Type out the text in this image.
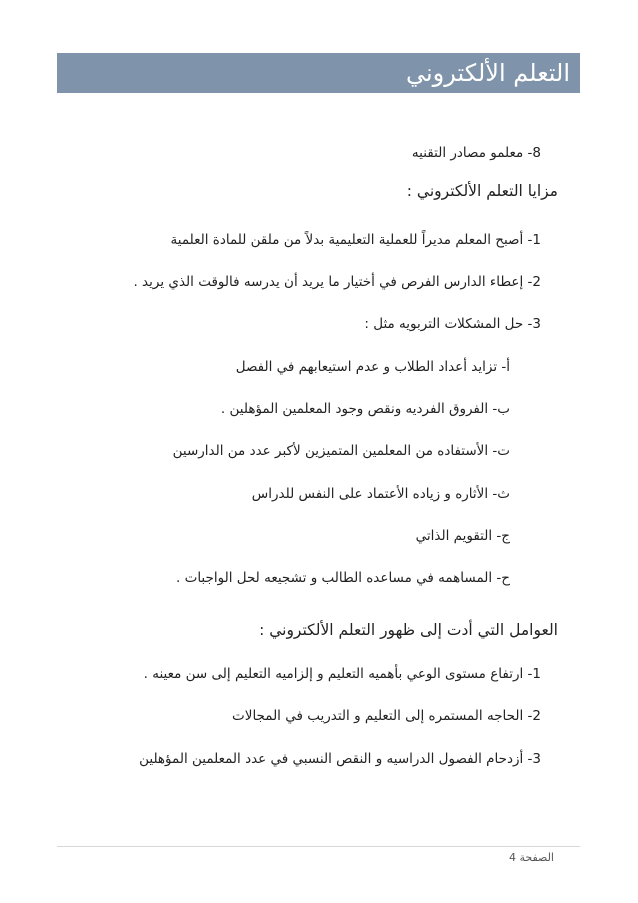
التعلم الألكتروني
8- معلمو مصادر التقنيه
مزايا التعلم الألكتروني :
1- أصبح المعلم مديراً للعملية التعليمية بدلاً من ملقن للمادة العلمية
2- إعطاء الدارس الفرص في أختيار ما يريد أن يدرسه فالوقت الذي يريد .
3- حل المشكلات التربويه مثل :
أ- تزايد أعداد الطلاب و عدم استيعابهم في الفصل
ب- الفروق الفرديه ونقص وجود المعلمين المؤهلين .
ت- الأستفاده من المعلمين المتميزين لأكبر عدد من الدارسين
ث- الأثاره و زياده الأعتماد على النفس للدراس
ج- التقويم الذاتي
ح- المساهمه في مساعده الطالب و تشجيعه لحل الواجبات .
العوامل التي أدت إلى ظهور التعلم الألكتروني :
1- ارتفاع مستوى الوعي بأهميه التعليم و إلزاميه التعليم إلى سن معينه .
2- الحاجه المستمره إلى التعليم و التدريب في المجالات
3- أزدحام الفصول الدراسيه و النقص النسبي في عدد المعلمين المؤهلين
الصفحة 4
